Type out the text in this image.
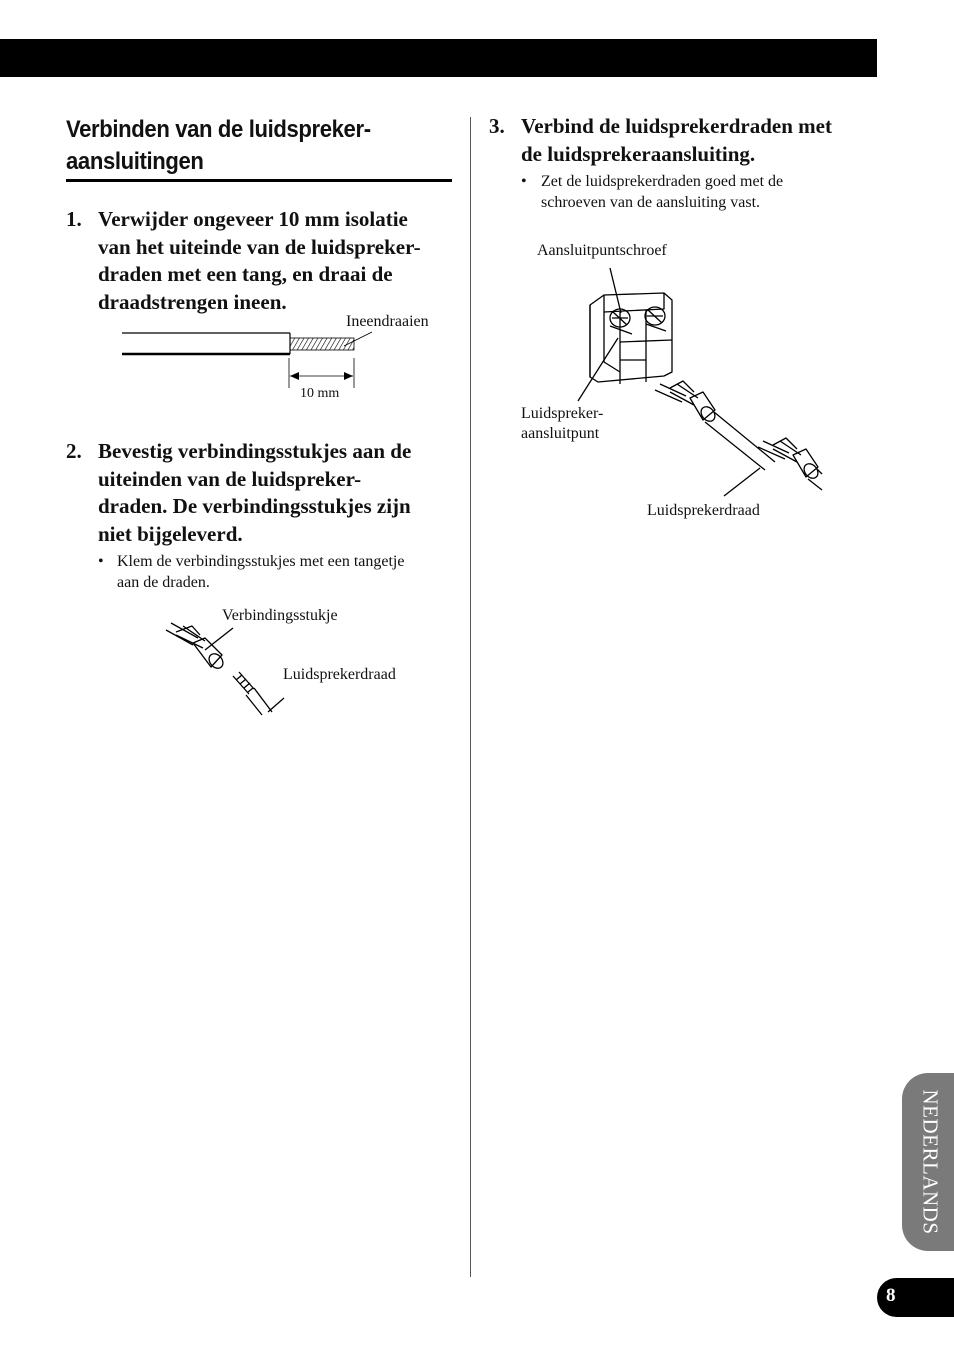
Verbinden van de luidspreker-
aansluitingen
1. Verwijder ongeveer 10 mm isolatie
van het uiteinde van de luidspreker-
draden met een tang, en draai de
draadstrengen ineen.
Ineendraaien
10 mm
2. Bevestig verbindingsstukjes aan de
uiteinden van de luidspreker-
draden. De verbindingsstukjes zijn
niet bijgeleverd.
• Klem de verbindingsstukjes met een tangetje
aan de draden.
Verbindingsstukje
Luidsprekerdraad
3. Verbind de luidsprekerdraden met
de luidsprekeraansluiting.
• Zet de luidsprekerdraden goed met de
schroeven van de aansluiting vast.
Aansluitpuntschroef
Luidspreker-
aansluitpunt
Luidsprekerdraad
NEDERLANDS
8
